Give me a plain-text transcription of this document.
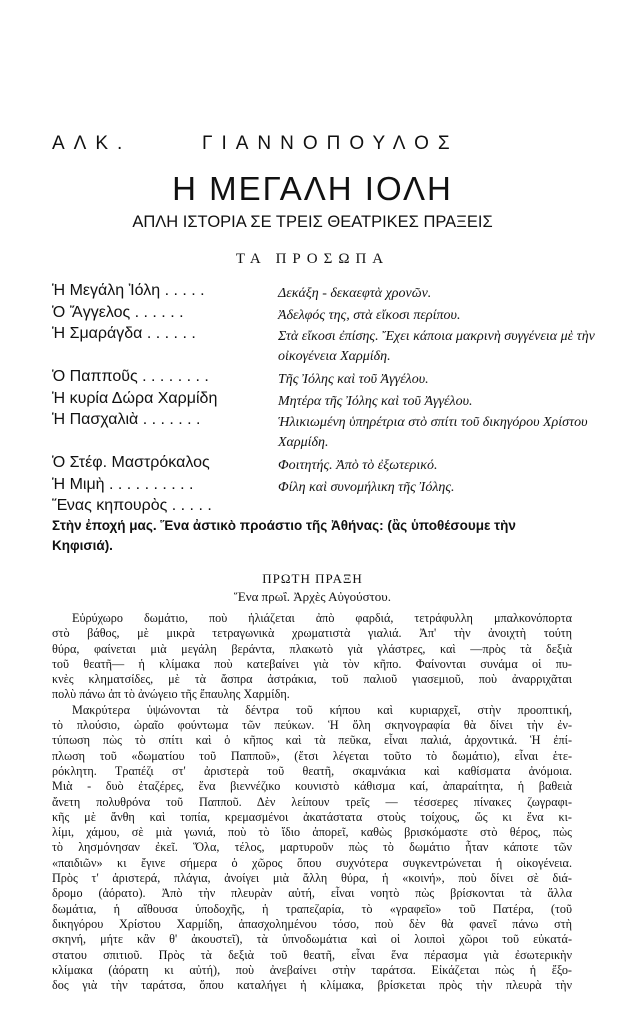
ΑΛΚ.	ΓΙΑΝΝΟΠΟΥΛΟΣ
Η ΜΕΓΑΛΗ ΙΟΛΗ
ΑΠΛΗ ΙΣΤΟΡΙΑ ΣΕ ΤΡΕΙΣ ΘΕΑΤΡΙΚΕΣ ΠΡΑΞΕΙΣ
ΤΑ ΠΡΟΣΩΠΑ
Ἡ Μεγάλη Ἰόλη . . . . .	Δεκάξη - δεκαεφτὰ χρονῶν.
Ὁ Ἄγγελος . . . . . .	Ἀδελφός της, στὰ εἴκοσι περίπου.
Ἡ Σμαράγδα . . . . . .	Στὰ εἴκοσι ἐπίσης. Ἔχει κάποια μακρινὴ συγγένεια μὲ τὴν οἰκογένεια Χαρμίδη.
Ὁ Παπποῦς . . . . . . . .	Τῆς Ἰόλης καὶ τοῦ Ἀγγέλου.
Ἡ κυρία Δώρα Χαρμίδη	Μητέρα τῆς Ἰόλης καὶ τοῦ Ἀγγέλου.
Ἡ Πασχαλιὰ . . . . . . .	Ἡλικιωμένη ὑπηρέτρια στὸ σπίτι τοῦ δικηγόρου Χρίστου Χαρμίδη.
Ὁ Στέφ. Μαστρόκαλος	Φοιτητής. Ἀπὸ τὸ ἐξωτερικό.
Ἡ Μιμὴ . . . . . . . . . .	Φίλη καὶ συνομήλικη τῆς Ἰόλης.
Ἕνας κηπουρὸς . . . . .
Στὴν ἐποχή μας. Ἕνα ἀστικὸ προάστιο τῆς Ἀθήνας: (ἂς ὑποθέσουμε τὴν Κηφισιά).
ΠΡΩΤΗ ΠΡΑΞΗ
Ἕνα πρωΐ. Ἀρχὲς Αὐγούστου.
Εὐρύχωρο δωμάτιο, ποὺ ἡλιάζεται ἀπὸ φαρδιά, τετράφυλλη μπαλκονόπορτα
στὸ βάθος, μὲ μικρὰ τετραγωνικὰ χρωματιστὰ γιαλιά. Ἀπ' τὴν ἀνοιχτὴ τούτη
θύρα, φαίνεται μιὰ μεγάλη βεράντα, πλακωτὸ γιὰ γλάστρες, καὶ —πρὸς τὰ δεξιὰ
τοῦ θεατῆ— ἡ κλίμακα ποὺ κατεβαίνει γιὰ τὸν κῆπο. Φαίνονται συνάμα οἱ πυ-
κνὲς κληματσίδες, μὲ τὰ ἄσπρα ἀστράκια, τοῦ παλιοῦ γιασεμιοῦ, ποὺ ἀναρριχᾶται
πολὺ πάνω ἀπ τὸ ἀνώγειο τῆς ἔπαυλης Χαρμίδη.
Μακρύτερα ὑψώνονται τὰ δέντρα τοῦ κήπου καὶ κυριαρχεῖ, στὴν προοπτική,
τὸ πλούσιο, ὡραῖο φούντωμα τῶν πεύκων. Ἡ ὅλη σκηνογραφία θὰ δίνει τὴν ἐν-
τύπωση πὼς τὸ σπίτι καὶ ὁ κῆπος καὶ τὰ πεῦκα, εἶναι παλιά, ἀρχοντικά. Ἡ ἐπί-
πλωση τοῦ «δωματίου τοῦ Παπποῦ», (ἔτσι λέγεται τοῦτο τὸ δωμάτιο), εἶναι ἑτε-
ρόκλητη. Τραπέζι στ' ἀριστερὰ τοῦ θεατῆ, σκαμνάκια καὶ καθίσματα ἀνόμοια.
Μιὰ - δυὸ ἐταζέρες, ἕνα βιεννέζικο κουνιστὸ κάθισμα καί, ἀπαραίτητα, ἡ βαθειὰ
ἄνετη πολυθρόνα τοῦ Παπποῦ. Δὲν λείπουν τρεῖς — τέσσερες πίνακες ζωγραφι-
κῆς μὲ ἄνθη καὶ τοπία, κρεμασμένοι ἀκατάστατα στοὺς τοίχους, ὥς κι ἕνα κι-
λίμι, χάμου, σὲ μιὰ γωνιά, ποὺ τὸ ἴδιο ἀπορεῖ, καθὼς βρισκόμαστε στὸ θέρος, πὼς
τὸ λησμόνησαν ἐκεῖ. Ὅλα, τέλος, μαρτυροῦν πὼς τὸ δωμάτιο ἦταν κάποτε τῶν
«παιδιῶν» κι ἔγινε σήμερα ὁ χῶρος ὅπου συχνότερα συγκεντρώνεται ἡ οἰκογένεια.
Πρὸς τ' ἀριστερά, πλάγια, ἀνοίγει μιὰ ἄλλη θύρα, ἡ «κοινή», ποὺ δίνει σὲ διά-
δρομο (ἀόρατο). Ἀπὸ τὴν πλευρὰν αὐτή, εἶναι νοητὸ πὼς βρίσκονται τὰ ἄλλα
δωμάτια, ἡ αἴθουσα ὑποδοχῆς, ἡ τραπεζαρία, τὸ «γραφεῖο» τοῦ Πατέρα, (τοῦ
δικηγόρου Χρίστου Χαρμίδη, ἀπασχολημένου τόσο, ποὺ δὲν θὰ φανεῖ πάνω στὴ
σκηνή, μήτε κἂν θ' ἀκουστεῖ), τὰ ὑπνοδωμάτια καὶ οἱ λοιποὶ χῶροι τοῦ εὐκατά-
στατου σπιτιοῦ. Πρὸς τὰ δεξιὰ τοῦ θεατῆ, εἶναι ἕνα πέρασμα γιὰ ἐσωτερικὴν
κλίμακα (ἀόρατη κι αὐτή), ποὺ ἀνεβαίνει στὴν ταράτσα. Εἰκάζεται πὼς ἡ ἔξο-
δος γιὰ τὴν ταράτσα, ὅπου καταλήγει ἡ κλίμακα, βρίσκεται πρὸς τὴν πλευρὰ τὴν
